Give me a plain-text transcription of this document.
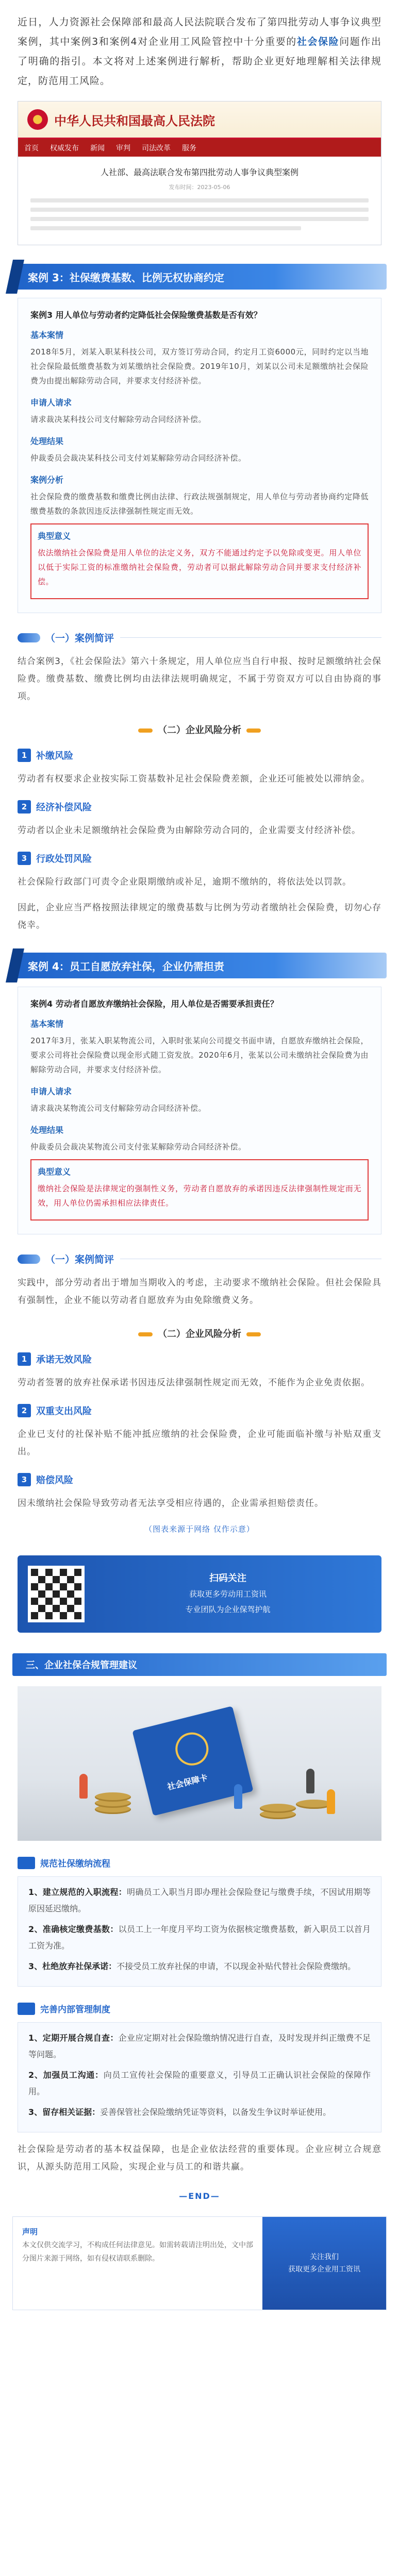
近日，人力资源社会保障部和最高人民法院联合发布了第四批劳动人事争议典型案例，其中案例3和案例4对企业用工风险管控中十分重要的社会保险问题作出了明确的指引。本文将对上述案例进行解析，帮助企业更好地理解相关法律规定，防范用工风险。
中华人民共和国最高人民法院
首页 权威发布 新闻 审判 司法改革 服务
人社部、最高法联合发布第四批劳动人事争议典型案例
发布时间：2023-05-06
案例 3：社保缴费基数、比例无权协商约定
案例3 用人单位与劳动者约定降低社会保险缴费基数是否有效？
基本案情

2018年5月，刘某入职某科技公司，双方签订劳动合同，约定月工资6000元，同时约定以当地社会保险最低缴费基数为刘某缴纳社会保险费。2019年10月，刘某以公司未足额缴纳社会保险费为由提出解除劳动合同，并要求支付经济补偿。

申请人请求

请求裁决某科技公司支付解除劳动合同经济补偿。

处理结果

仲裁委员会裁决某科技公司支付刘某解除劳动合同经济补偿。

案例分析

社会保险费的缴费基数和缴费比例由法律、行政法规强制规定，用人单位与劳动者协商约定降低缴费基数的条款因违反法律强制性规定而无效。

典型意义

依法缴纳社会保险费是用人单位的法定义务，双方不能通过约定予以免除或变更。用人单位以低于实际工资的标准缴纳社会保险费，劳动者可以据此解除劳动合同并要求支付经济补偿。

（一）案例简评
结合案例3，《社会保险法》第六十条规定，用人单位应当自行申报、按时足额缴纳社会保险费。缴费基数、缴费比例均由法律法规明确规定，不属于劳资双方可以自由协商的事项。
（二）企业风险分析
1 补缴风险
劳动者有权要求企业按实际工资基数补足社会保险费差额，企业还可能被处以滞纳金。
2 经济补偿风险
劳动者以企业未足额缴纳社会保险费为由解除劳动合同的，企业需要支付经济补偿。
3 行政处罚风险
社会保险行政部门可责令企业限期缴纳或补足，逾期不缴纳的，将依法处以罚款。
因此，企业应当严格按照法律规定的缴费基数与比例为劳动者缴纳社会保险费，切勿心存侥幸。
案例 4：员工自愿放弃社保，企业仍需担责
案例4 劳动者自愿放弃缴纳社会保险，用人单位是否需要承担责任？
基本案情

2017年3月，张某入职某物流公司，入职时张某向公司提交书面申请，自愿放弃缴纳社会保险，要求公司将社会保险费以现金形式随工资发放。2020年6月，张某以公司未缴纳社会保险费为由解除劳动合同，并要求支付经济补偿。

申请人请求

请求裁决某物流公司支付解除劳动合同经济补偿。

处理结果

仲裁委员会裁决某物流公司支付张某解除劳动合同经济补偿。

典型意义

缴纳社会保险是法律规定的强制性义务，劳动者自愿放弃的承诺因违反法律强制性规定而无效，用人单位仍需承担相应法律责任。

（一）案例简评
实践中，部分劳动者出于增加当期收入的考虑，主动要求不缴纳社会保险。但社会保险具有强制性，企业不能以劳动者自愿放弃为由免除缴费义务。
（二）企业风险分析
1 承诺无效风险
劳动者签署的放弃社保承诺书因违反法律强制性规定而无效，不能作为企业免责依据。
2 双重支出风险
企业已支付的社保补贴不能冲抵应缴纳的社会保险费，企业可能面临补缴与补贴双重支出。
3 赔偿风险
因未缴纳社会保险导致劳动者无法享受相应待遇的，企业需承担赔偿责任。
（图表来源于网络 仅作示意）
扫码关注
获取更多劳动用工资讯
专业团队为企业保驾护航
三、企业社保合规管理建议
社会保障卡
规范社保缴纳流程
1、建立规范的入职流程：明确员工入职当月即办理社会保险登记与缴费手续，不因试用期等原因延迟缴纳。
2、准确核定缴费基数：以员工上一年度月平均工资为依据核定缴费基数，新入职员工以首月工资为准。
3、杜绝放弃社保承诺：不接受员工放弃社保的申请，不以现金补贴代替社会保险费缴纳。
完善内部管理制度
1、定期开展合规自查：企业应定期对社会保险缴纳情况进行自查，及时发现并纠正缴费不足等问题。
2、加强员工沟通：向员工宣传社会保险的重要意义，引导员工正确认识社会保险的保障作用。
3、留存相关证据：妥善保管社会保险缴纳凭证等资料，以备发生争议时举证使用。
社会保险是劳动者的基本权益保障，也是企业依法经营的重要体现。企业应树立合规意识，从源头防范用工风险，实现企业与员工的和谐共赢。
—END—
声明
本文仅供交流学习，不构成任何法律意见。如需转载请注明出处，文中部分图片来源于网络，如有侵权请联系删除。	关注我们
获取更多企业用工资讯
